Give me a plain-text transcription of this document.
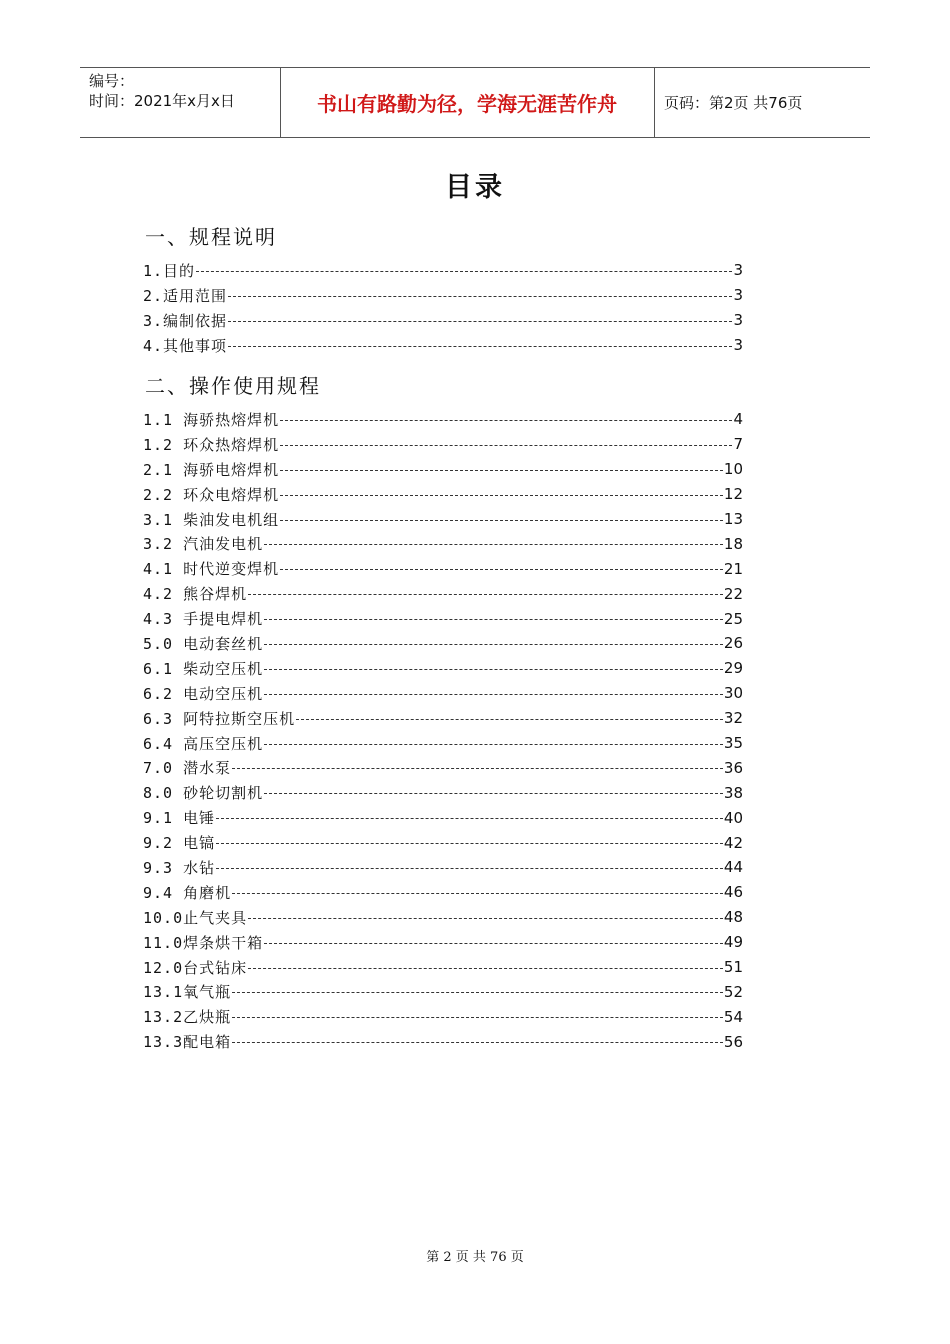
编号：
时间：2021年x月x日	书山有路勤为径，学海无涯苦作舟	页码：第2页 共76页
目录
一、规程说明
1.目的	3
2.适用范围	3
3.编制依据	3
4.其他事项	3
二、操作使用规程
1.1 海骄热熔焊机	4
1.2 环众热熔焊机	7
2.1 海骄电熔焊机	10
2.2 环众电熔焊机	12
3.1 柴油发电机组	13
3.2 汽油发电机	18
4.1 时代逆变焊机	21
4.2 熊谷焊机	22
4.3 手提电焊机	25
5.0 电动套丝机	26
6.1 柴动空压机	29
6.2 电动空压机	30
6.3 阿特拉斯空压机	32
6.4 高压空压机	35
7.0 潜水泵	36
8.0 砂轮切割机	38
9.1 电锤	40
9.2 电镐	42
9.3 水钻	44
9.4 角磨机	46
10.0止气夹具	48
11.0焊条烘干箱	49
12.0台式钻床	51
13.1氧气瓶	52
13.2乙炔瓶	54
13.3配电箱	56
第 2 页 共 76 页
